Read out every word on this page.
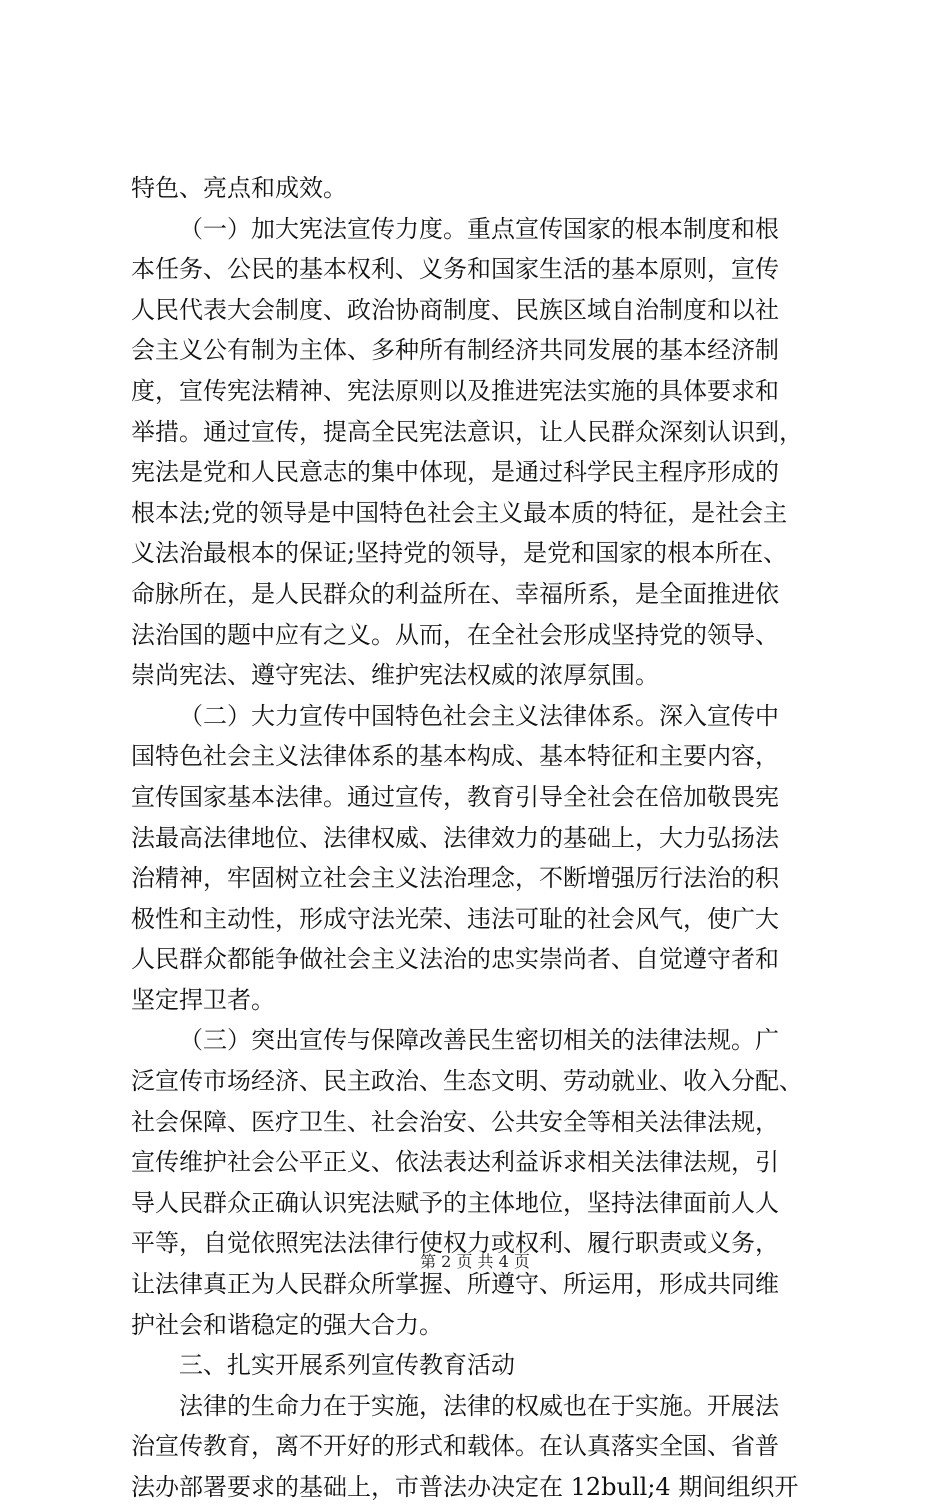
特色、亮点和成效。
（一）加大宪法宣传力度。重点宣传国家的根本制度和根
本任务、公民的基本权利、义务和国家生活的基本原则，宣传
人民代表大会制度、政治协商制度、民族区域自治制度和以社
会主义公有制为主体、多种所有制经济共同发展的基本经济制
度，宣传宪法精神、宪法原则以及推进宪法实施的具体要求和
举措。通过宣传，提高全民宪法意识，让人民群众深刻认识到，
宪法是党和人民意志的集中体现，是通过科学民主程序形成的
根本法;党的领导是中国特色社会主义最本质的特征，是社会主
义法治最根本的保证;坚持党的领导，是党和国家的根本所在、
命脉所在，是人民群众的利益所在、幸福所系，是全面推进依
法治国的题中应有之义。从而，在全社会形成坚持党的领导、
崇尚宪法、遵守宪法、维护宪法权威的浓厚氛围。
（二）大力宣传中国特色社会主义法律体系。深入宣传中
国特色社会主义法律体系的基本构成、基本特征和主要内容，
宣传国家基本法律。通过宣传，教育引导全社会在倍加敬畏宪
法最高法律地位、法律权威、法律效力的基础上，大力弘扬法
治精神，牢固树立社会主义法治理念，不断增强厉行法治的积
极性和主动性，形成守法光荣、违法可耻的社会风气，使广大
人民群众都能争做社会主义法治的忠实崇尚者、自觉遵守者和
坚定捍卫者。
（三）突出宣传与保障改善民生密切相关的法律法规。广
泛宣传市场经济、民主政治、生态文明、劳动就业、收入分配、
社会保障、医疗卫生、社会治安、公共安全等相关法律法规，
宣传维护社会公平正义、依法表达利益诉求相关法律法规，引
导人民群众正确认识宪法赋予的主体地位，坚持法律面前人人
平等，自觉依照宪法法律行使权力或权利、履行职责或义务，
让法律真正为人民群众所掌握、所遵守、所运用，形成共同维
护社会和谐稳定的强大合力。
三、扎实开展系列宣传教育活动
法律的生命力在于实施，法律的权威也在于实施。开展法
治宣传教育，离不开好的形式和载体。在认真落实全国、省普
法办部署要求的基础上，市普法办决定在 12bull;4 期间组织开
第 2 页 共 4 页
